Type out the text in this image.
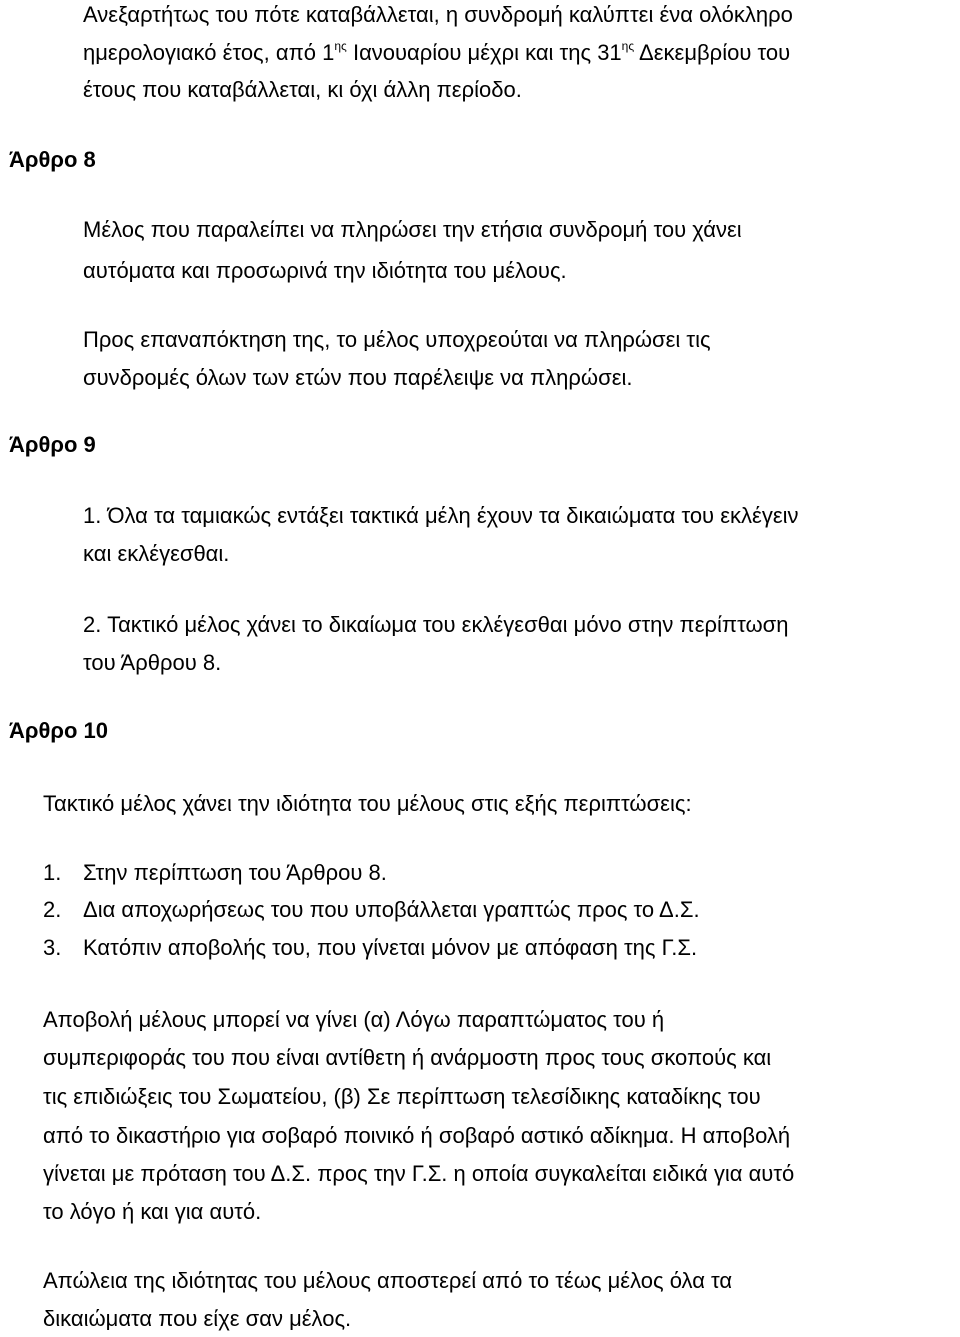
Ανεξαρτήτως του πότε καταβάλλεται, η συνδρομή καλύπτει ένα ολόκληρο

ημερολογιακό έτος, από $1^{\eta\varsigma}$ Ιανουαρίου μέχρι και της $31^{\eta\varsigma}$ Δεκεμβρίου του

έτους που καταβάλλεται, κι όχι άλλη περίοδο.

Άρθρο 8

Μέλος που παραλείπει να πληρώσει την ετήσια συνδρομή του χάνει

αυτόματα και προσωρινά την ιδιότητα του μέλους.

Προς επαναπόκτηση της, το μέλος υποχρεούται να πληρώσει τις

συνδρομές όλων των ετών που παρέλειψε να πληρώσει.

Άρθρο 9

1. Όλα τα ταμιακώς εντάξει τακτικά μέλη έχουν τα δικαιώματα του εκλέγειν

και εκλέγεσθαι.

2. Τακτικό μέλος χάνει το δικαίωμα του εκλέγεσθαι μόνο στην περίπτωση

του Άρθρου 8.

Άρθρο 10

Τακτικό μέλος χάνει την ιδιότητα του μέλους στις εξής περιπτώσεις:

1. Στην περίπτωση του Άρθρου 8.
2. Δια αποχωρήσεως του που υποβάλλεται γραπτώς προς το Δ.Σ.
3. Κατόπιν αποβολής του, που γίνεται μόνον με απόφαση της Γ.Σ.

Αποβολή μέλους μπορεί να γίνει (α) Λόγω παραπτώματος του ή

συμπεριφοράς του που είναι αντίθετη ή ανάρμοστη προς τους σκοπούς και

τις επιδιώξεις του Σωματείου, (β) Σε περίπτωση τελεσίδικης καταδίκης του

από το δικαστήριο για σοβαρό ποινικό ή σοβαρό αστικό αδίκημα. Η αποβολή

γίνεται με πρόταση του Δ.Σ. προς την Γ.Σ. η οποία συγκαλείται ειδικά για αυτό

το λόγο ή και για αυτό.

Απώλεια της ιδιότητας του μέλους αποστερεί από το τέως μέλος όλα τα

δικαιώματα που είχε σαν μέλος.
